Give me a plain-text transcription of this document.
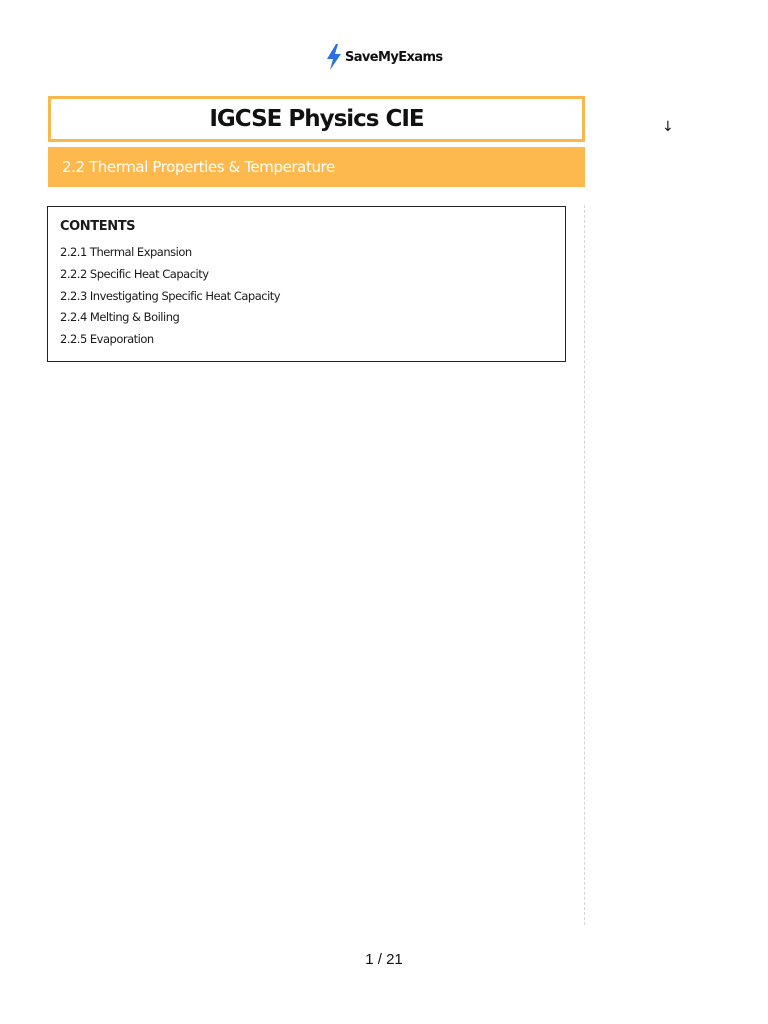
SaveMyExams
IGCSE Physics CIE
2.2 Thermal Properties & Temperature
↓
CONTENTS
2.2.1 Thermal Expansion
2.2.2 Specific Heat Capacity
2.2.3 Investigating Specific Heat Capacity
2.2.4 Melting & Boiling
2.2.5 Evaporation
1 / 21
